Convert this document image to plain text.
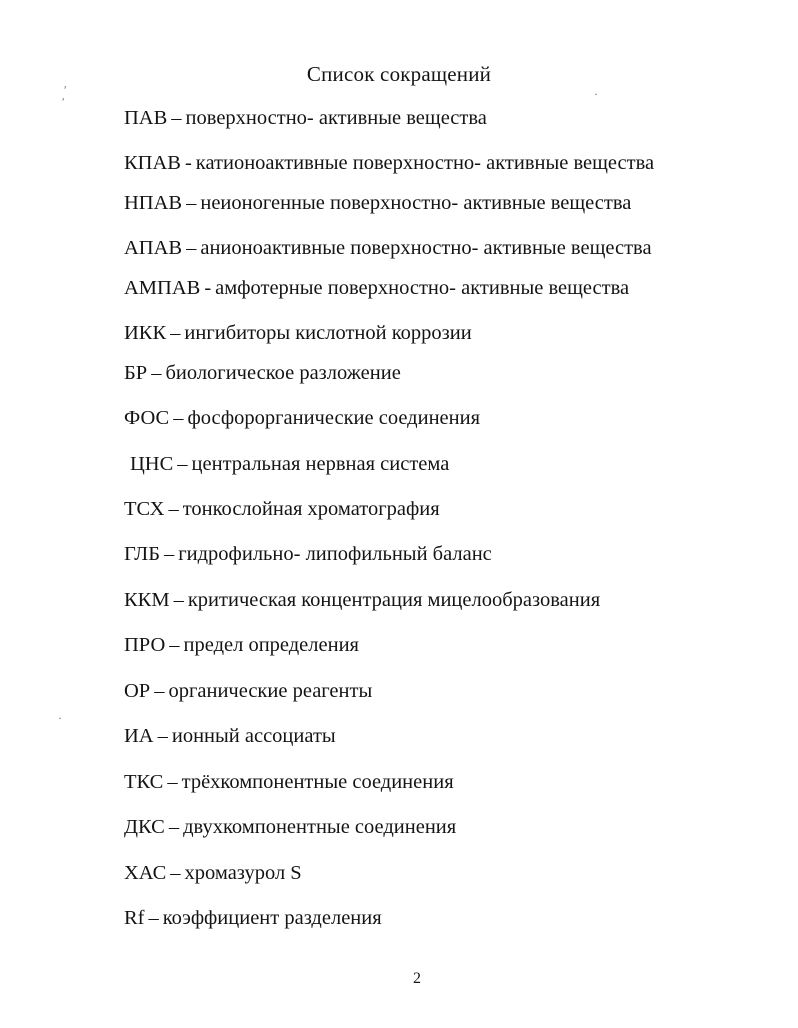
ʹ
ʹ
·
·
Список сокращений
ПАВ – поверхностно- активные вещества
КПАВ - катионоактивные поверхностно- активные вещества
НПАВ – неионогенные поверхностно- активные вещества
АПАВ – анионоактивные поверхностно- активные вещества
АМПАВ - амфотерные поверхностно- активные вещества
ИКК – ингибиторы кислотной коррозии
БР – биологическое разложение
ФОС – фосфорорганические соединения
ЦНС – центральная нервная система
ТСХ – тонкослойная хроматография
ГЛБ – гидрофильно- липофильный баланс
ККМ – критическая концентрация мицелообразования
ПРО – предел определения
ОР – органические реагенты
ИА – ионный ассоциаты
ТКС – трёхкомпонентные соединения
ДКС – двухкомпонентные соединения
ХАС – хромазурол S
Rf – коэффициент разделения
2
